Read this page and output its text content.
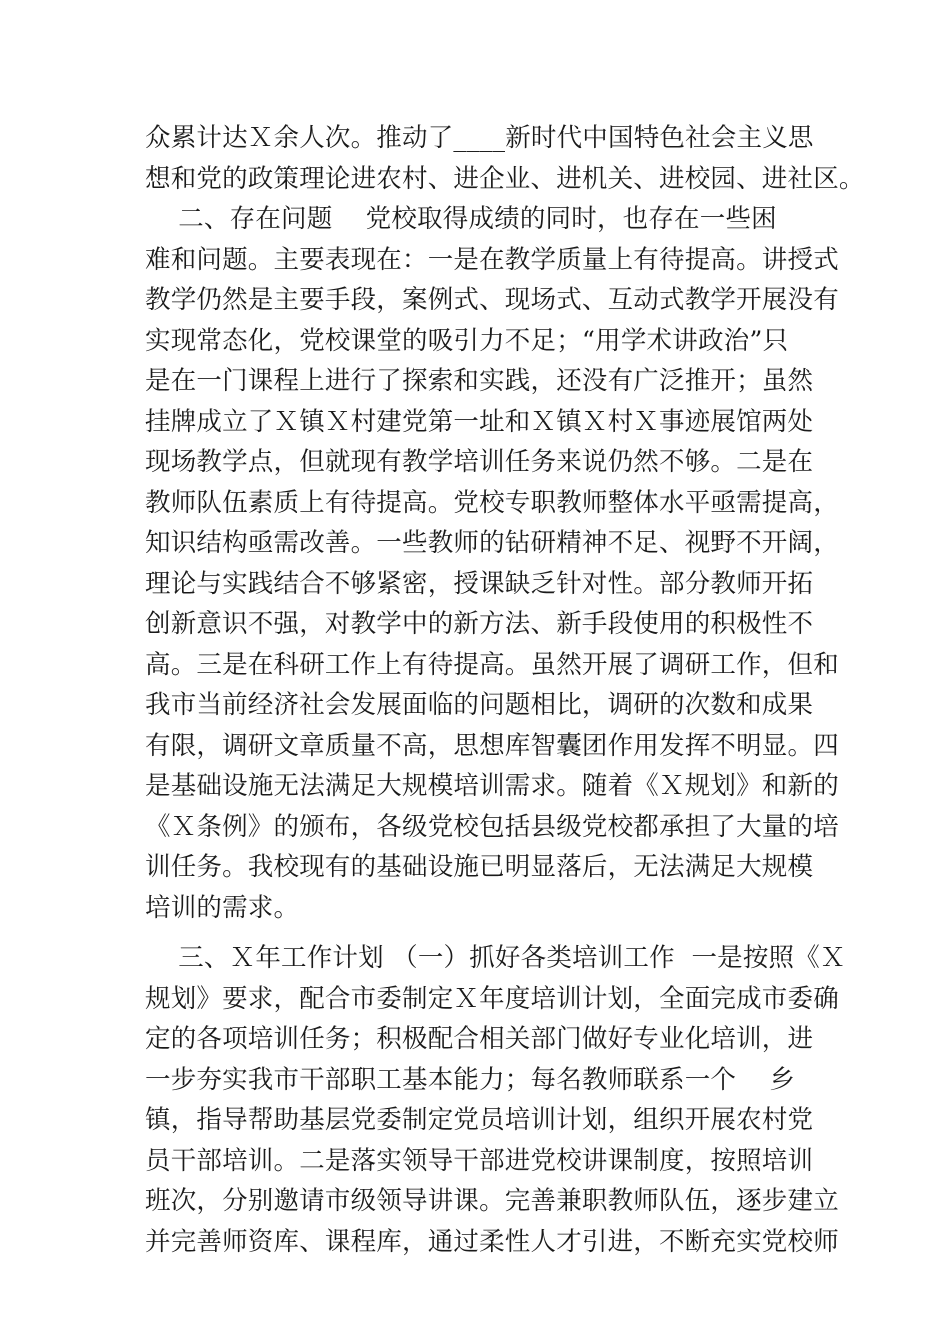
众累计达Ｘ余人次。推动了____新时代中国特色社会主义思
想和党的政策理论进农村、进企业、进机关、进校园、进社区。
二、存在问题    党校取得成绩的同时，也存在一些困
难和问题。主要表现在：一是在教学质量上有待提高。讲授式
教学仍然是主要手段，案例式、现场式、互动式教学开展没有
实现常态化，党校课堂的吸引力不足；“用学术讲政治”只
是在一门课程上进行了探索和实践，还没有广泛推开；虽然
挂牌成立了Ｘ镇Ｘ村建党第一址和Ｘ镇Ｘ村Ｘ事迹展馆两处
现场教学点，但就现有教学培训任务来说仍然不够。二是在
教师队伍素质上有待提高。党校专职教师整体水平亟需提高，
知识结构亟需改善。一些教师的钻研精神不足、视野不开阔，
理论与实践结合不够紧密，授课缺乏针对性。部分教师开拓
创新意识不强，对教学中的新方法、新手段使用的积极性不
高。三是在科研工作上有待提高。虽然开展了调研工作，但和
我市当前经济社会发展面临的问题相比，调研的次数和成果
有限，调研文章质量不高，思想库智囊团作用发挥不明显。四
是基础设施无法满足大规模培训需求。随着《Ｘ规划》和新的
《Ｘ条例》的颁布，各级党校包括县级党校都承担了大量的培
训任务。我校现有的基础设施已明显落后，无法满足大规模
培训的需求。
三、Ｘ年工作计划 （一）抓好各类培训工作  一是按照《Ｘ
规划》要求，配合市委制定Ｘ年度培训计划，全面完成市委确
定的各项培训任务；积极配合相关部门做好专业化培训，进
一步夯实我市干部职工基本能力；每名教师联系一个    乡
镇，指导帮助基层党委制定党员培训计划，组织开展农村党
员干部培训。二是落实领导干部进党校讲课制度，按照培训
班次，分别邀请市级领导讲课。完善兼职教师队伍，逐步建立
并完善师资库、课程库，通过柔性人才引进，不断充实党校师
